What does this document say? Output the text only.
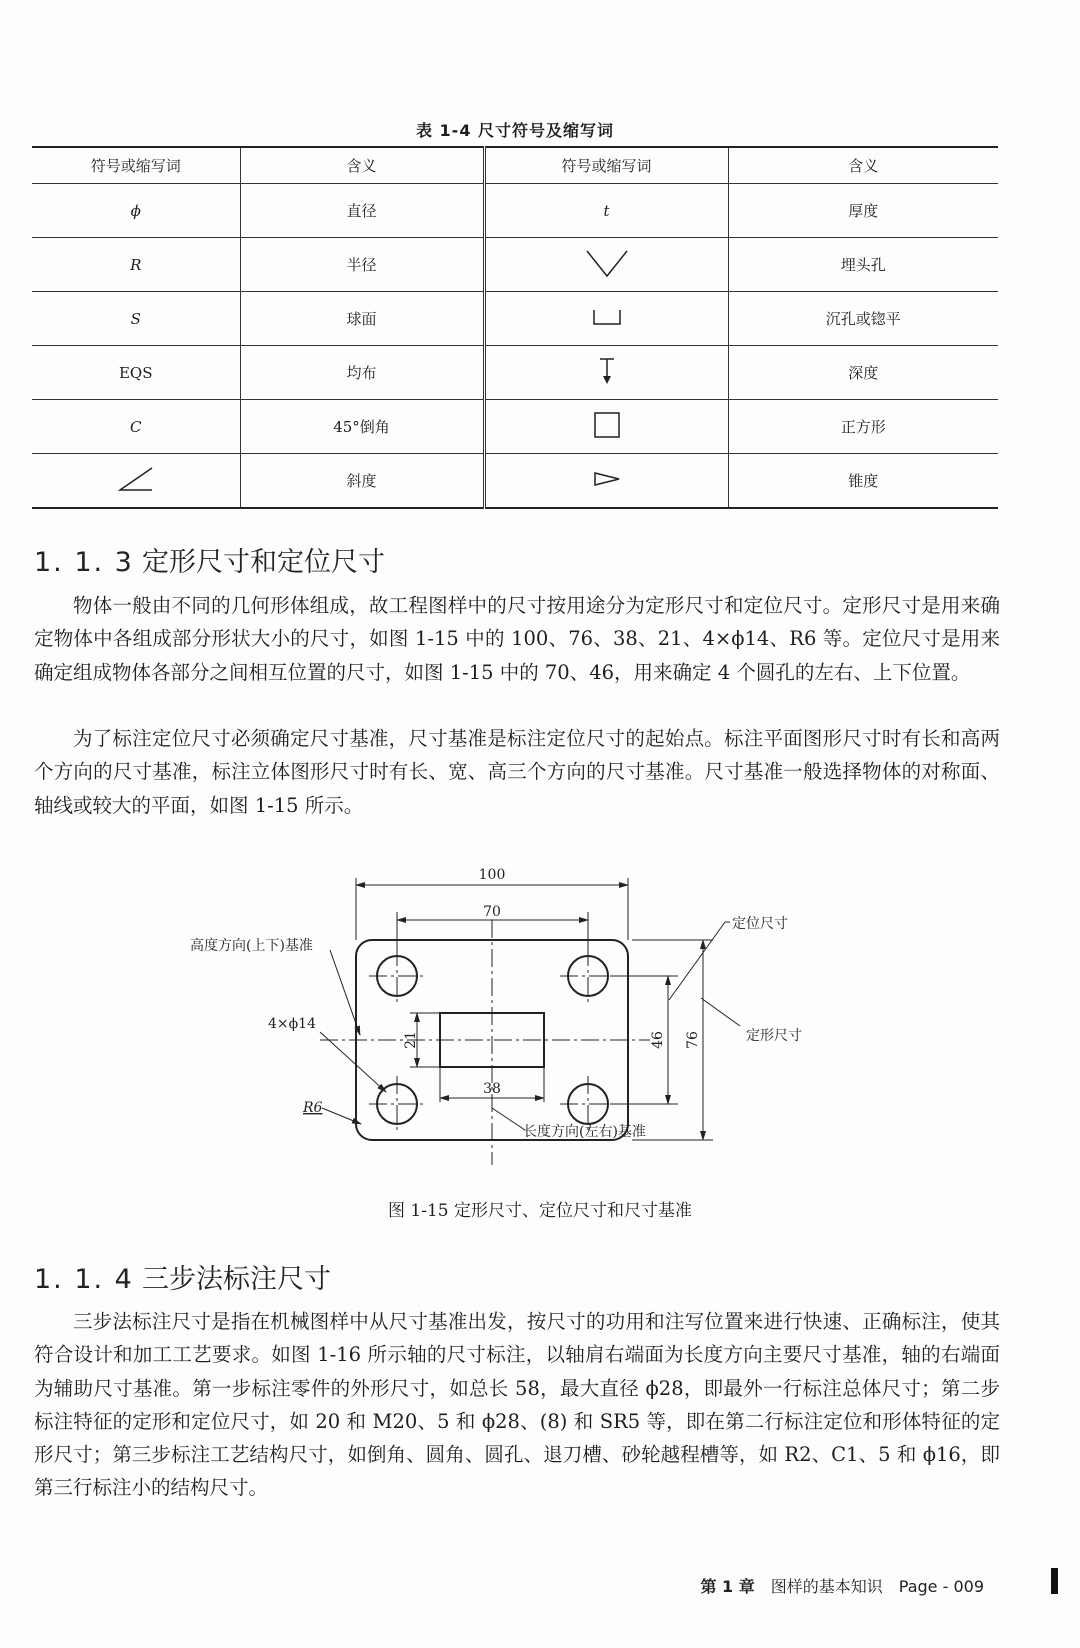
表 1-4 尺寸符号及缩写词
符号或缩写词	含义	符号或缩写词	含义
ϕ	直径	t	厚度
R	半径		埋头孔
S	球面		沉孔或锪平
EQS	均布		深度
C	45°倒角		正方形
	斜度		锥度
1. 1. 3 定形尺寸和定位尺寸

物体一般由不同的几何形体组成，故工程图样中的尺寸按用途分为定形尺寸和定位尺寸。定形尺寸是用来确定物体中各组成部分形状大小的尺寸，如图 1-15 中的 100、76、38、21、4×ϕ14、R6 等。定位尺寸是用来确定组成物体各部分之间相互位置的尺寸，如图 1-15 中的 70、46，用来确定 4 个圆孔的左右、上下位置。

为了标注定位尺寸必须确定尺寸基准，尺寸基准是标注定位尺寸的起始点。标注平面图形尺寸时有长和高两个方向的尺寸基准，标注立体图形尺寸时有长、宽、高三个方向的尺寸基准。尺寸基准一般选择物体的对称面、轴线或较大的平面，如图 1-15 所示。

100
70
21
38
46 76
高度方向(上下)基准
4×ϕ14
R6
长度方向(左右)基准
定位尺寸
定形尺寸
图 1-15 定形尺寸、定位尺寸和尺寸基准
1. 1. 4 三步法标注尺寸

三步法标注尺寸是指在机械图样中从尺寸基准出发，按尺寸的功用和注写位置来进行快速、正确标注，使其符合设计和加工工艺要求。如图 1-16 所示轴的尺寸标注，以轴肩右端面为长度方向主要尺寸基准，轴的右端面为辅助尺寸基准。第一步标注零件的外形尺寸，如总长 58，最大直径 ϕ28，即最外一行标注总体尺寸；第二步标注特征的定形和定位尺寸，如 20 和 M20、5 和 ϕ28、(8) 和 SR5 等，即在第二行标注定位和形体特征的定形尺寸；第三步标注工艺结构尺寸，如倒角、圆角、圆孔、退刀槽、砂轮越程槽等，如 R2、C1、5 和 ϕ16，即第三行标注小的结构尺寸。

第 1 章 图样的基本知识 Page - 009
